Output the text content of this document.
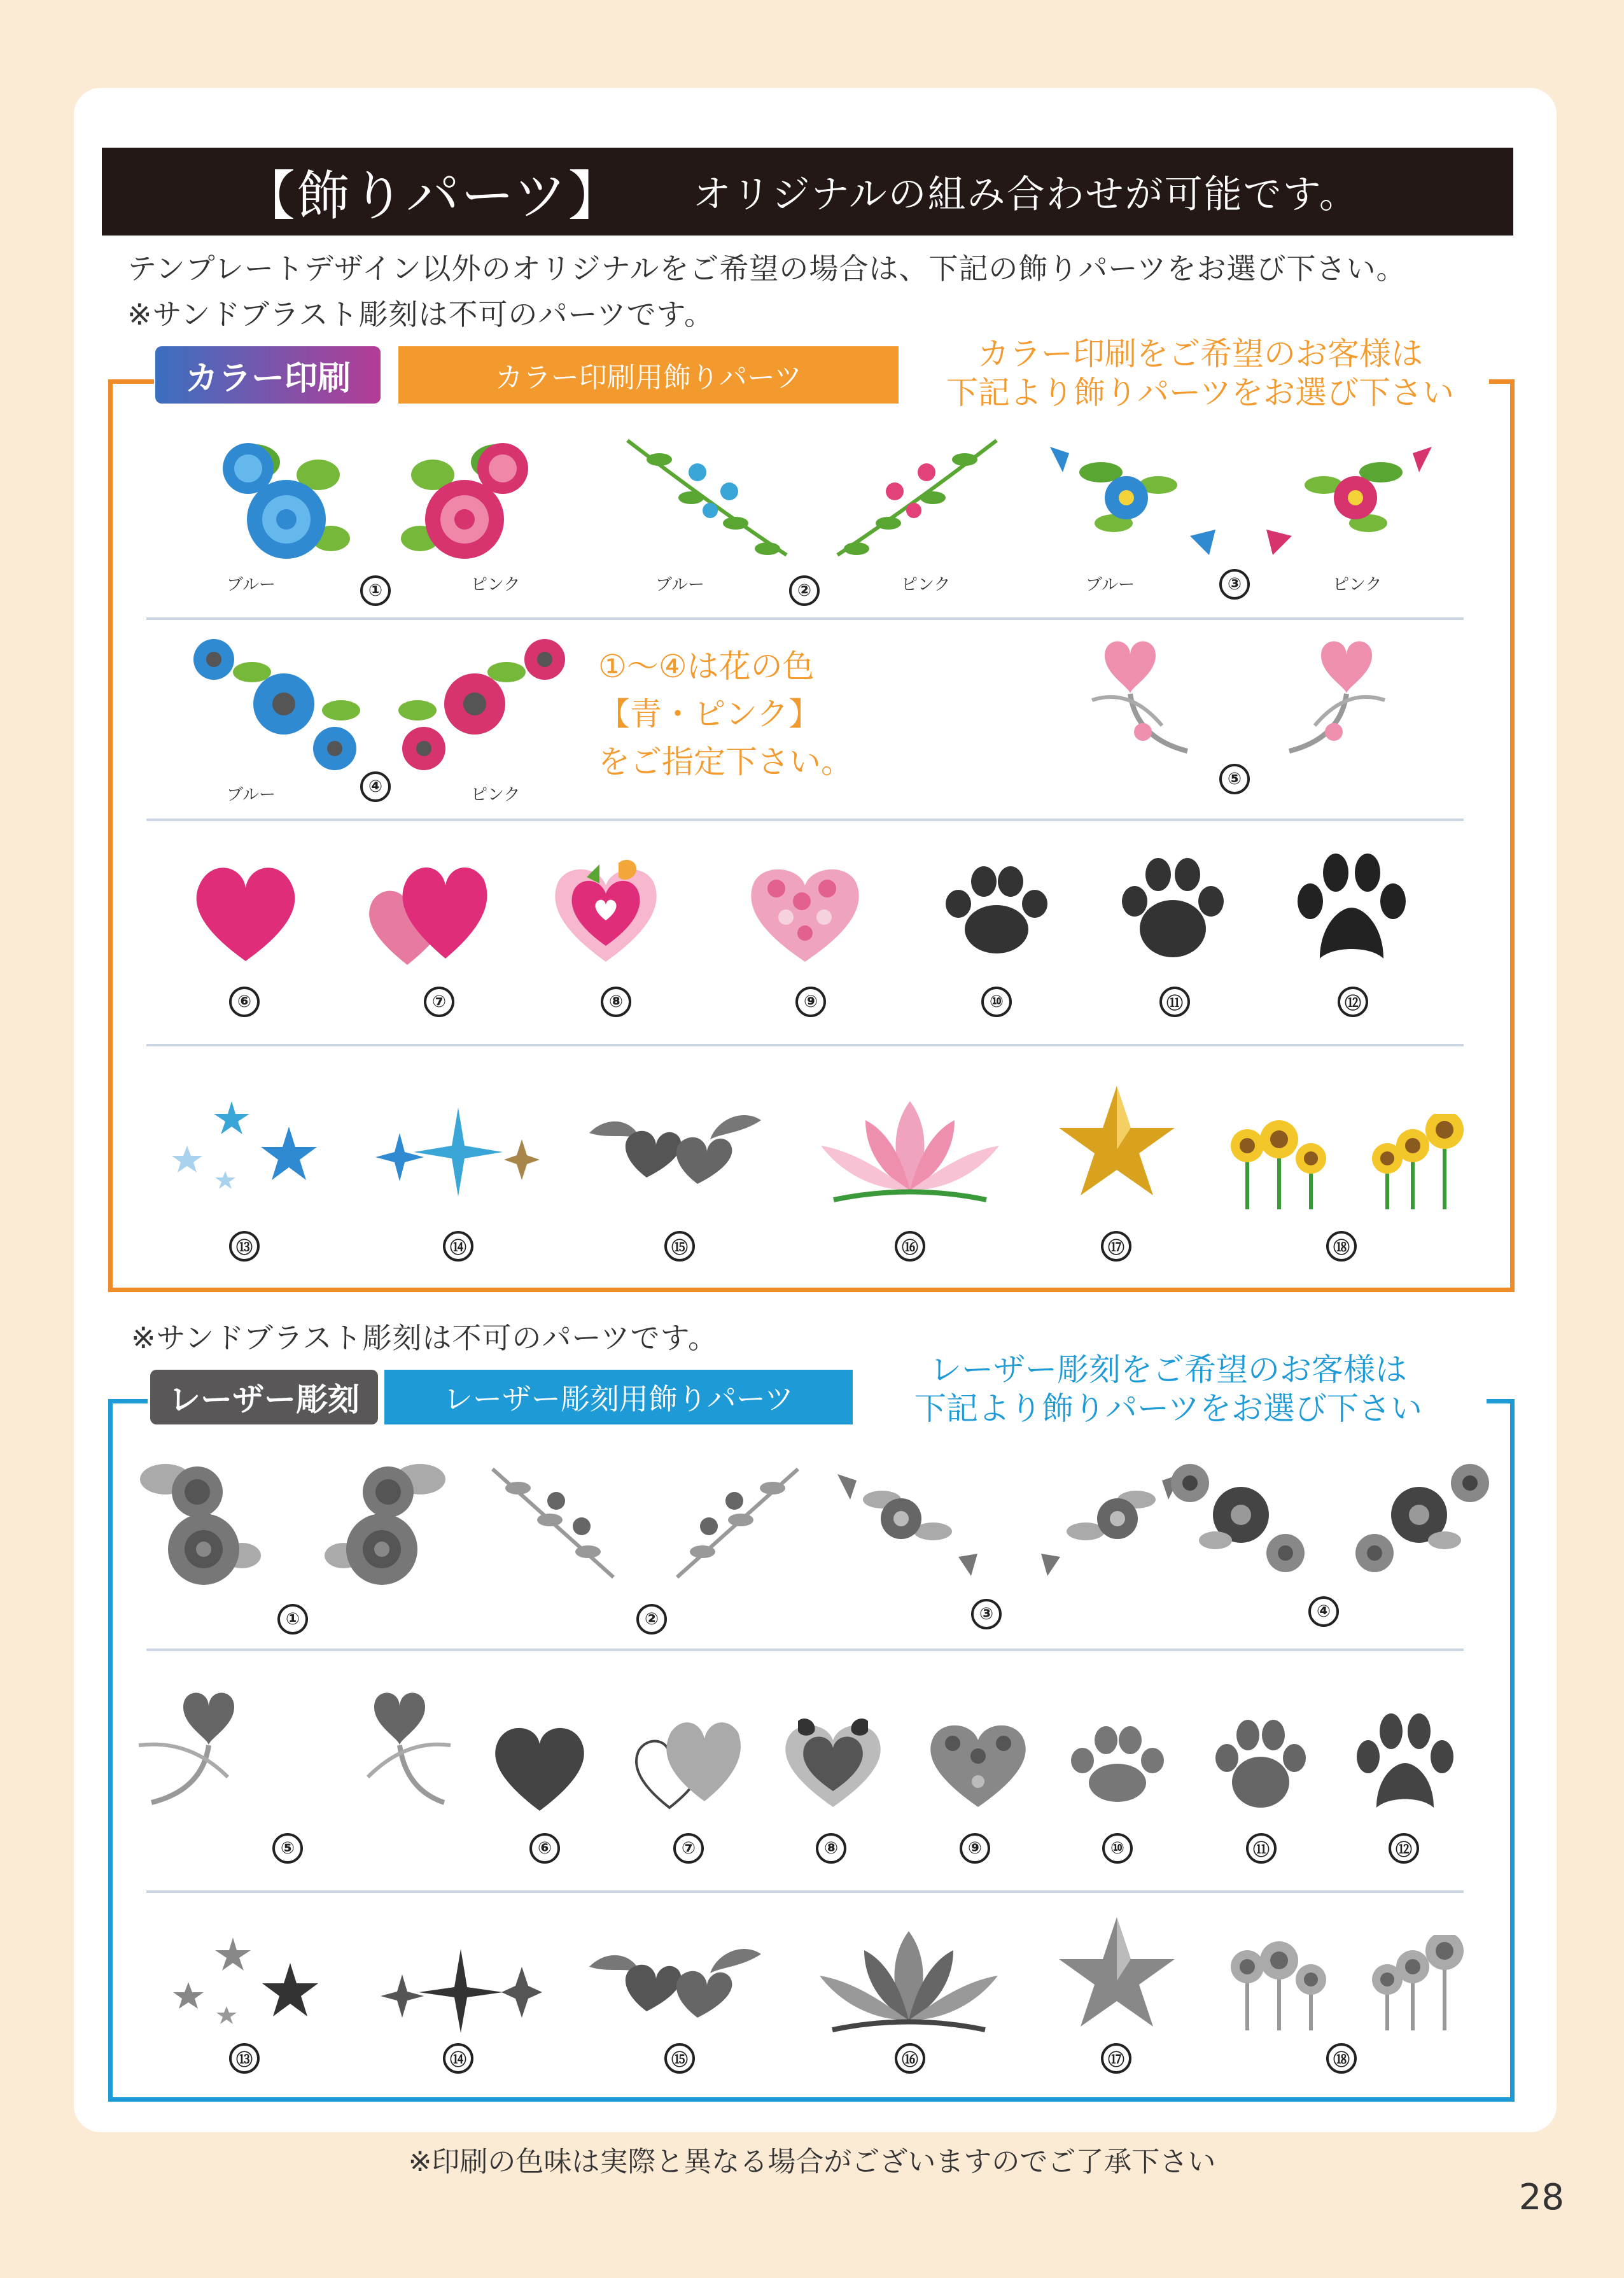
【飾りパーツ】 オリジナルの組み合わせが可能です。
テンプレートデザイン以外のオリジナルをご希望の場合は、下記の飾りパーツをお選び下さい。
※サンドブラスト彫刻は不可のパーツです。
カラー印刷	カラー印刷用飾りパーツ
カラー印刷をご希望のお客様は
下記より飾りパーツをお選び下さい
ブルー	①	ピンク	ブルー	②	ピンク	ブルー	③	ピンク
ブルー	④	ピンク
①～④は花の色
【青・ピンク】
をご指定下さい。	⑤
⑥	⑦	⑧	⑨	⑩	⑪	⑫
⑬	⑭	⑮	⑯	⑰	⑱
※サンドブラスト彫刻は不可のパーツです。
レーザー彫刻	レーザー彫刻用飾りパーツ
レーザー彫刻をご希望のお客様は
下記より飾りパーツをお選び下さい
①	②	③	④
⑤	⑥	⑦	⑧	⑨	⑩	⑪	⑫
⑬	⑭	⑮	⑯	⑰	⑱
※印刷の色味は実際と異なる場合がございますのでご了承下さい
28
